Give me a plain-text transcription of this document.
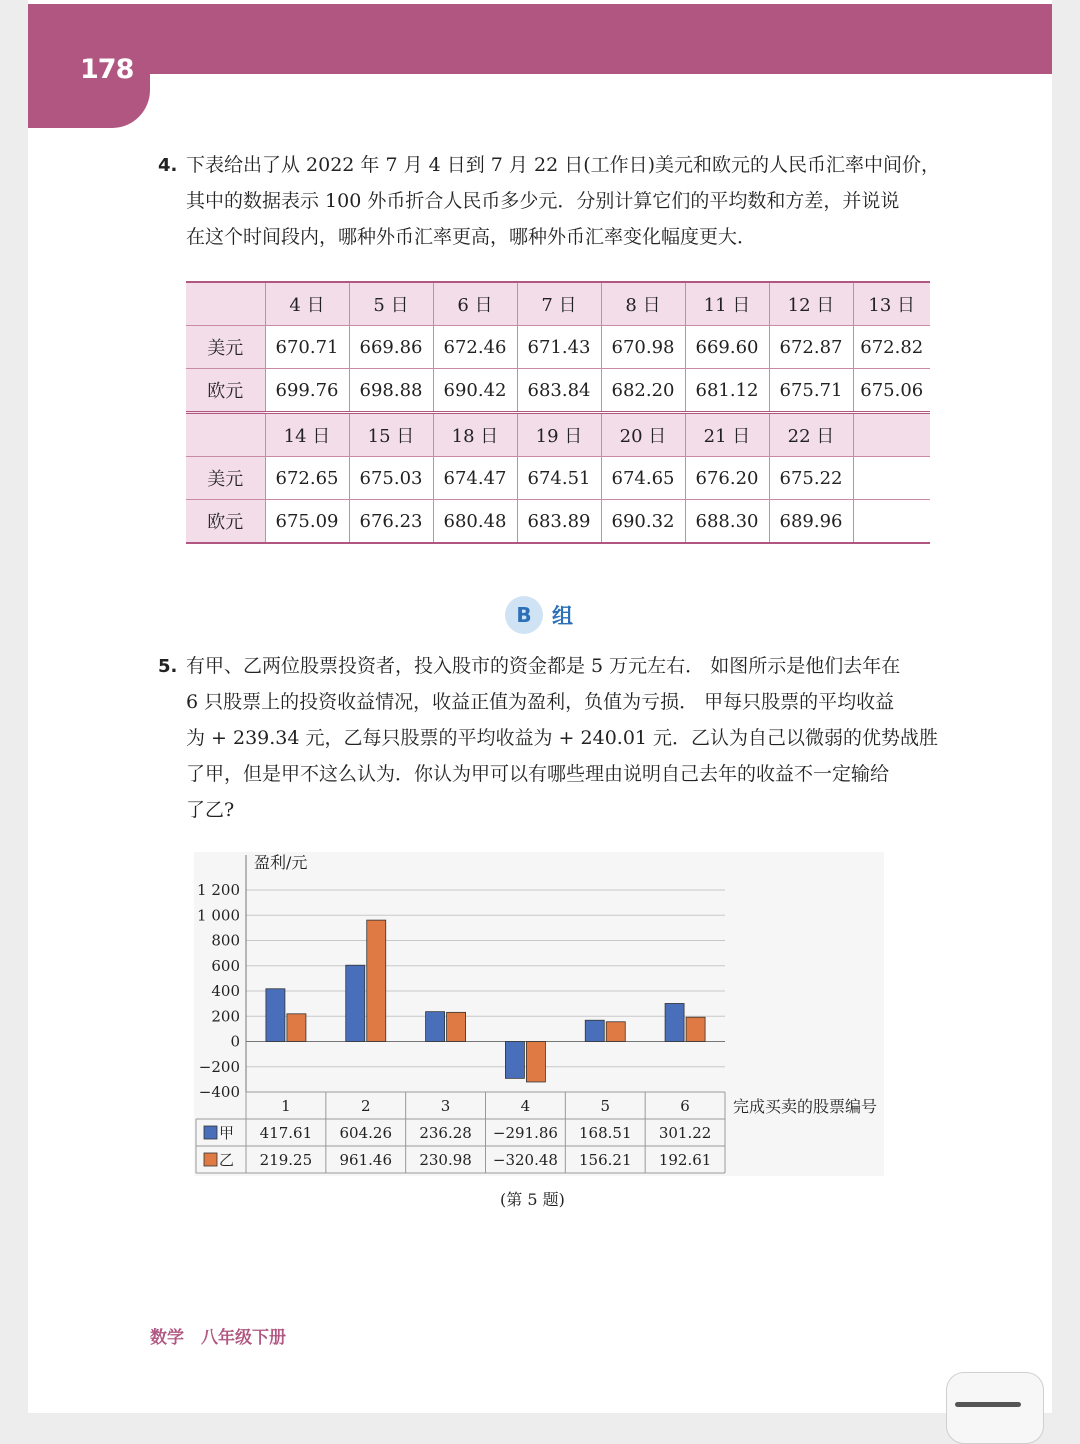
178
4. 下表给出了从 2022 年 7 月 4 日到 7 月 22 日(工作日)美元和欧元的人民币汇率中间价，
其中的数据表示 100 外币折合人民币多少元．分别计算它们的平均数和方差，并说说
在这个时间段内，哪种外币汇率更高，哪种外币汇率变化幅度更大．
	4 日	5 日	6 日	7 日	8 日	11 日	12 日	13 日
美元	670.71	669.86	672.46	671.43	670.98	669.60	672.87	672.82
欧元	699.76	698.88	690.42	683.84	682.20	681.12	675.71	675.06
	14 日	15 日	18 日	19 日	20 日	21 日	22 日	
美元	672.65	675.03	674.47	674.51	674.65	676.20	675.22	
欧元	675.09	676.23	680.48	683.89	690.32	688.30	689.96	
B 组
5. 有甲、乙两位股票投资者，投入股市的资金都是 5 万元左右． 如图所示是他们去年在
6 只股票上的投资收益情况，收益正值为盈利，负值为亏损． 甲每只股票的平均收益
为 + 239.34 元，乙每只股票的平均收益为 + 240.01 元．乙认为自己以微弱的优势战胜
了甲，但是甲不这么认为．你认为甲可以有哪些理由说明自己去年的收益不一定输给
了乙?
−400
−200
0
200
400
600
800
1 000
1 200
盈利/元
1	2	3	4	5	6	完成买卖的股票编号
甲 417.61 604.26 236.28 −291.86 168.51 301.22
乙 219.25 961.46 230.98 −320.48 156.21 192.61
(第 5 题)
数学　八年级下册
